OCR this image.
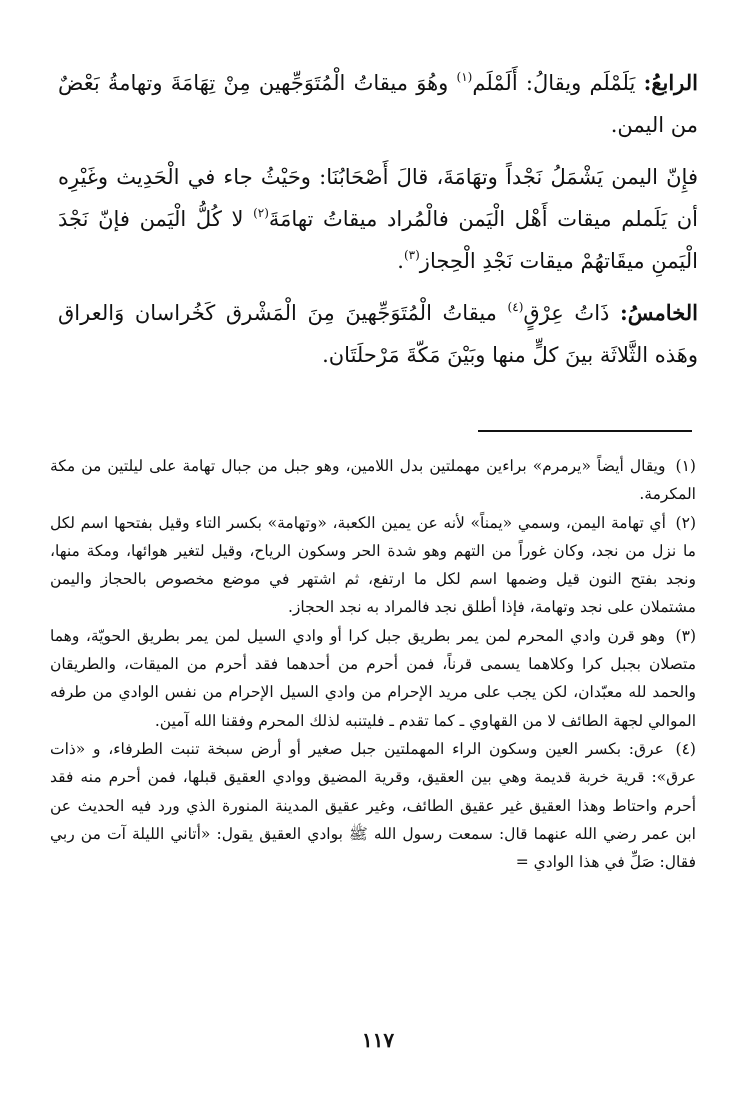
الرابعُ: يَلَمْلَم ويقالُ: أَلَمْلَم$^{(١)}$ وهُوَ ميقاتُ الْمُتَوَجِّهين مِنْ تِهَامَةَ وتهامةُ بَعْضٌ من اليمن.

فإِنّ اليمن يَشْمَلُ نَجْداً وتهَامَةَ، قالَ أَصْحَابُنَا: وحَيْثُ جاء في الْحَدِيث وغَيْرِه أن يَلَملم ميقات أَهْل الْيَمن فالْمُراد ميقاتُ تهامَةَ$^{(٢)}$ لا كُلُّ الْيَمن فإنّ نَجْدَ الْيَمنِ ميقَاتهُمْ ميقات نَجْدِ الْحِجاز$^{(٣)}$.

الخامسُ: ذَاتُ عِرْقٍ$^{(٤)}$ ميقاتُ الْمُتَوَجِّهينَ مِنَ الْمَشْرق كَخُراسان وَالعراق وهَذه الثَّلاثَة بينَ كلٍّ منها وبَيْنَ مَكّةَ مَرْحلَتَان.

(١) ويقال أيضاً «يرمرم» براءين مهملتين بدل اللامين، وهو جبل من جبال تهامة على ليلتين من مكة المكرمة.

(٢) أي تهامة اليمن، وسمي «يمناً» لأنه عن يمين الكعبة، «وتهامة» بكسر التاء وقيل بفتحها اسم لكل ما نزل من نجد، وكان غوراً من التهم وهو شدة الحر وسكون الرياح، وقيل لتغير هوائها، ومكة منها، ونجد بفتح النون قيل وضمها اسم لكل ما ارتفع، ثم اشتهر في موضع مخصوص بالحجاز واليمن مشتملان على نجد وتهامة، فإذا أطلق نجد فالمراد به نجد الحجاز.

(٣) وهو قرن وادي المحرم لمن يمر بطريق جبل كرا أو وادي السيل لمن يمر بطريق الحويّة، وهما متصلان بجبل كرا وكلاهما يسمى قرناً، فمن أحرم من أحدهما فقد أحرم من الميقات، والطريقان والحمد لله معبّدان، لكن يجب على مريد الإحرام من وادي السيل الإحرام من نفس الوادي من طرفه الموالي لجهة الطائف لا من القهاوي ـ كما تقدم ـ فليتنبه لذلك المحرم وفقنا الله آمين.

(٤) عرق: بكسر العين وسكون الراء المهملتين جبل صغير أو أرض سبخة تنبت الطرفاء، و «ذات عرق»: قرية خربة قديمة وهي بين العقيق، وقرية المضيق ووادي العقيق قبلها، فمن أحرم منه فقد أحرم واحتاط وهذا العقيق غير عقيق الطائف، وغير عقيق المدينة المنورة الذي ورد فيه الحديث عن ابن عمر رضي الله عنهما قال: سمعت رسول الله ﷺ بوادي العقيق يقول: «أتاني الليلة آت من ربي فقال: صَلِّ في هذا الوادي =

١١٧
